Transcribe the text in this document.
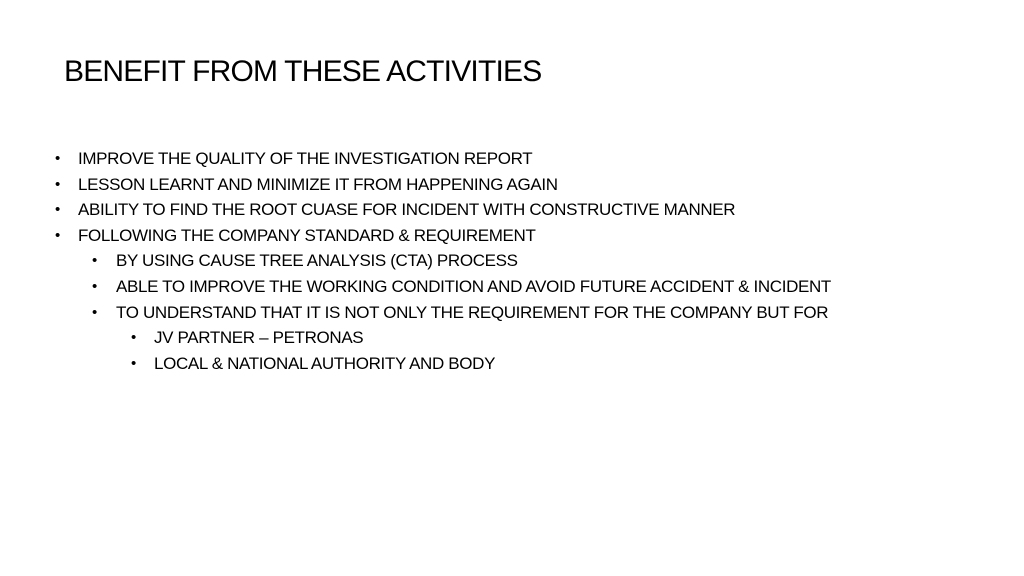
BENEFIT FROM THESE ACTIVITIES
• IMPROVE THE QUALITY OF THE INVESTIGATION REPORT
• LESSON LEARNT AND MINIMIZE IT FROM HAPPENING AGAIN
• ABILITY TO FIND THE ROOT CUASE FOR INCIDENT WITH CONSTRUCTIVE MANNER
• FOLLOWING THE COMPANY STANDARD & REQUIREMENT
• BY USING CAUSE TREE ANALYSIS (CTA) PROCESS
• ABLE TO IMPROVE THE WORKING CONDITION AND AVOID FUTURE ACCIDENT & INCIDENT
• TO UNDERSTAND THAT IT IS NOT ONLY THE REQUIREMENT FOR THE COMPANY BUT FOR
• JV PARTNER – PETRONAS
• LOCAL & NATIONAL AUTHORITY AND BODY
